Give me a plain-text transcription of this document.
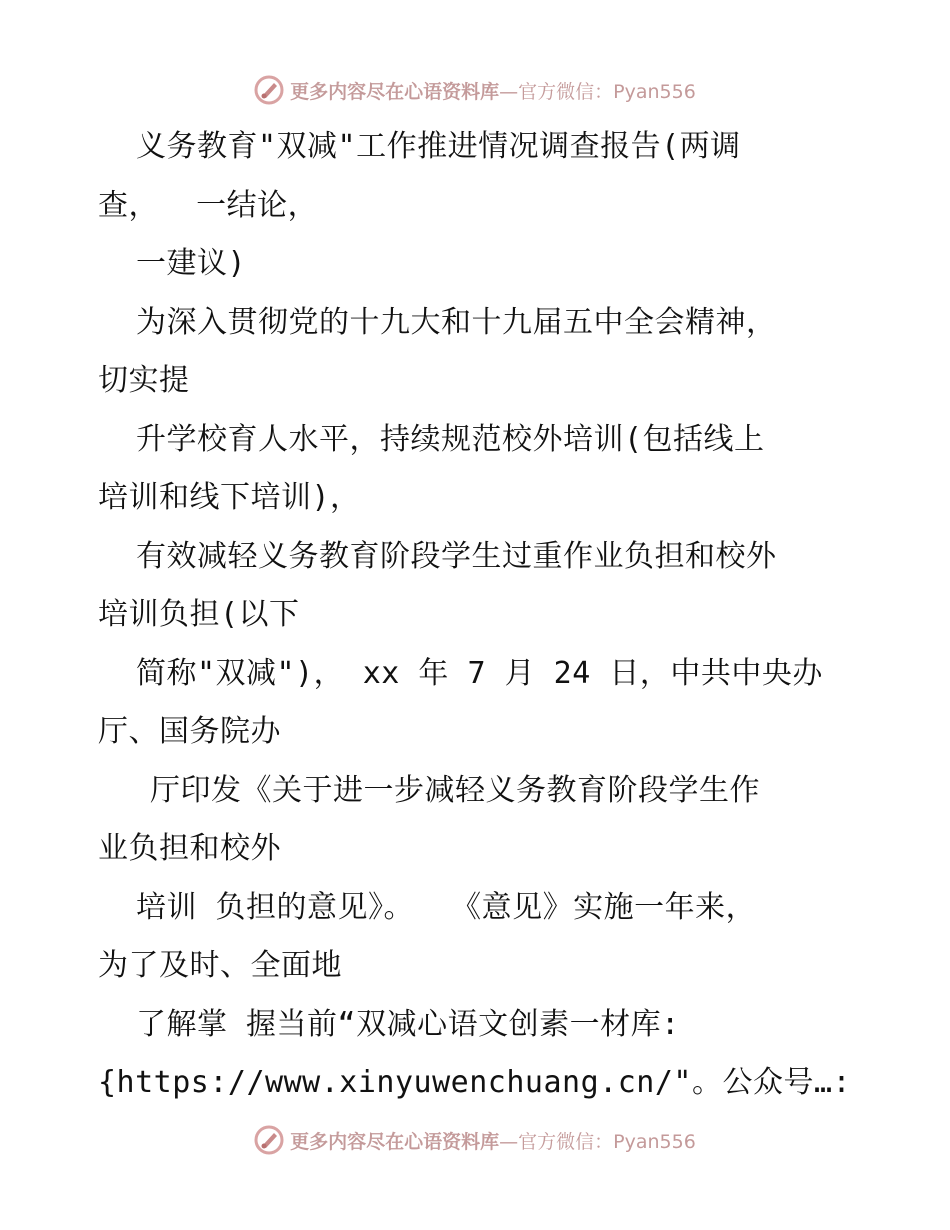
更多内容尽在心语资料库 —官方微信：Pyan556
义务教育"双减"工作推进情况调查报告(两调
查，  一结论，
一建议)
为深入贯彻党的十九大和十九届五中全会精神，
切实提
升学校育人水平，持续规范校外培训(包括线上
培训和线下培训)，
有效减轻义务教育阶段学生过重作业负担和校外
培训负担(以下
简称"双减")， xx 年 7 月 24 日，中共中央办
厅、国务院办
厅印发《关于进一步减轻义务教育阶段学生作
业负担和校外
培训 负担的意见》。  《意见》实施一年来，
为了及时、全面地
了解掌 握当前“双减心语文创素一材库:
{https://www.xinyuwenchuang.cn/"。公众号…:
更多内容尽在心语资料库 —官方微信：Pyan556
